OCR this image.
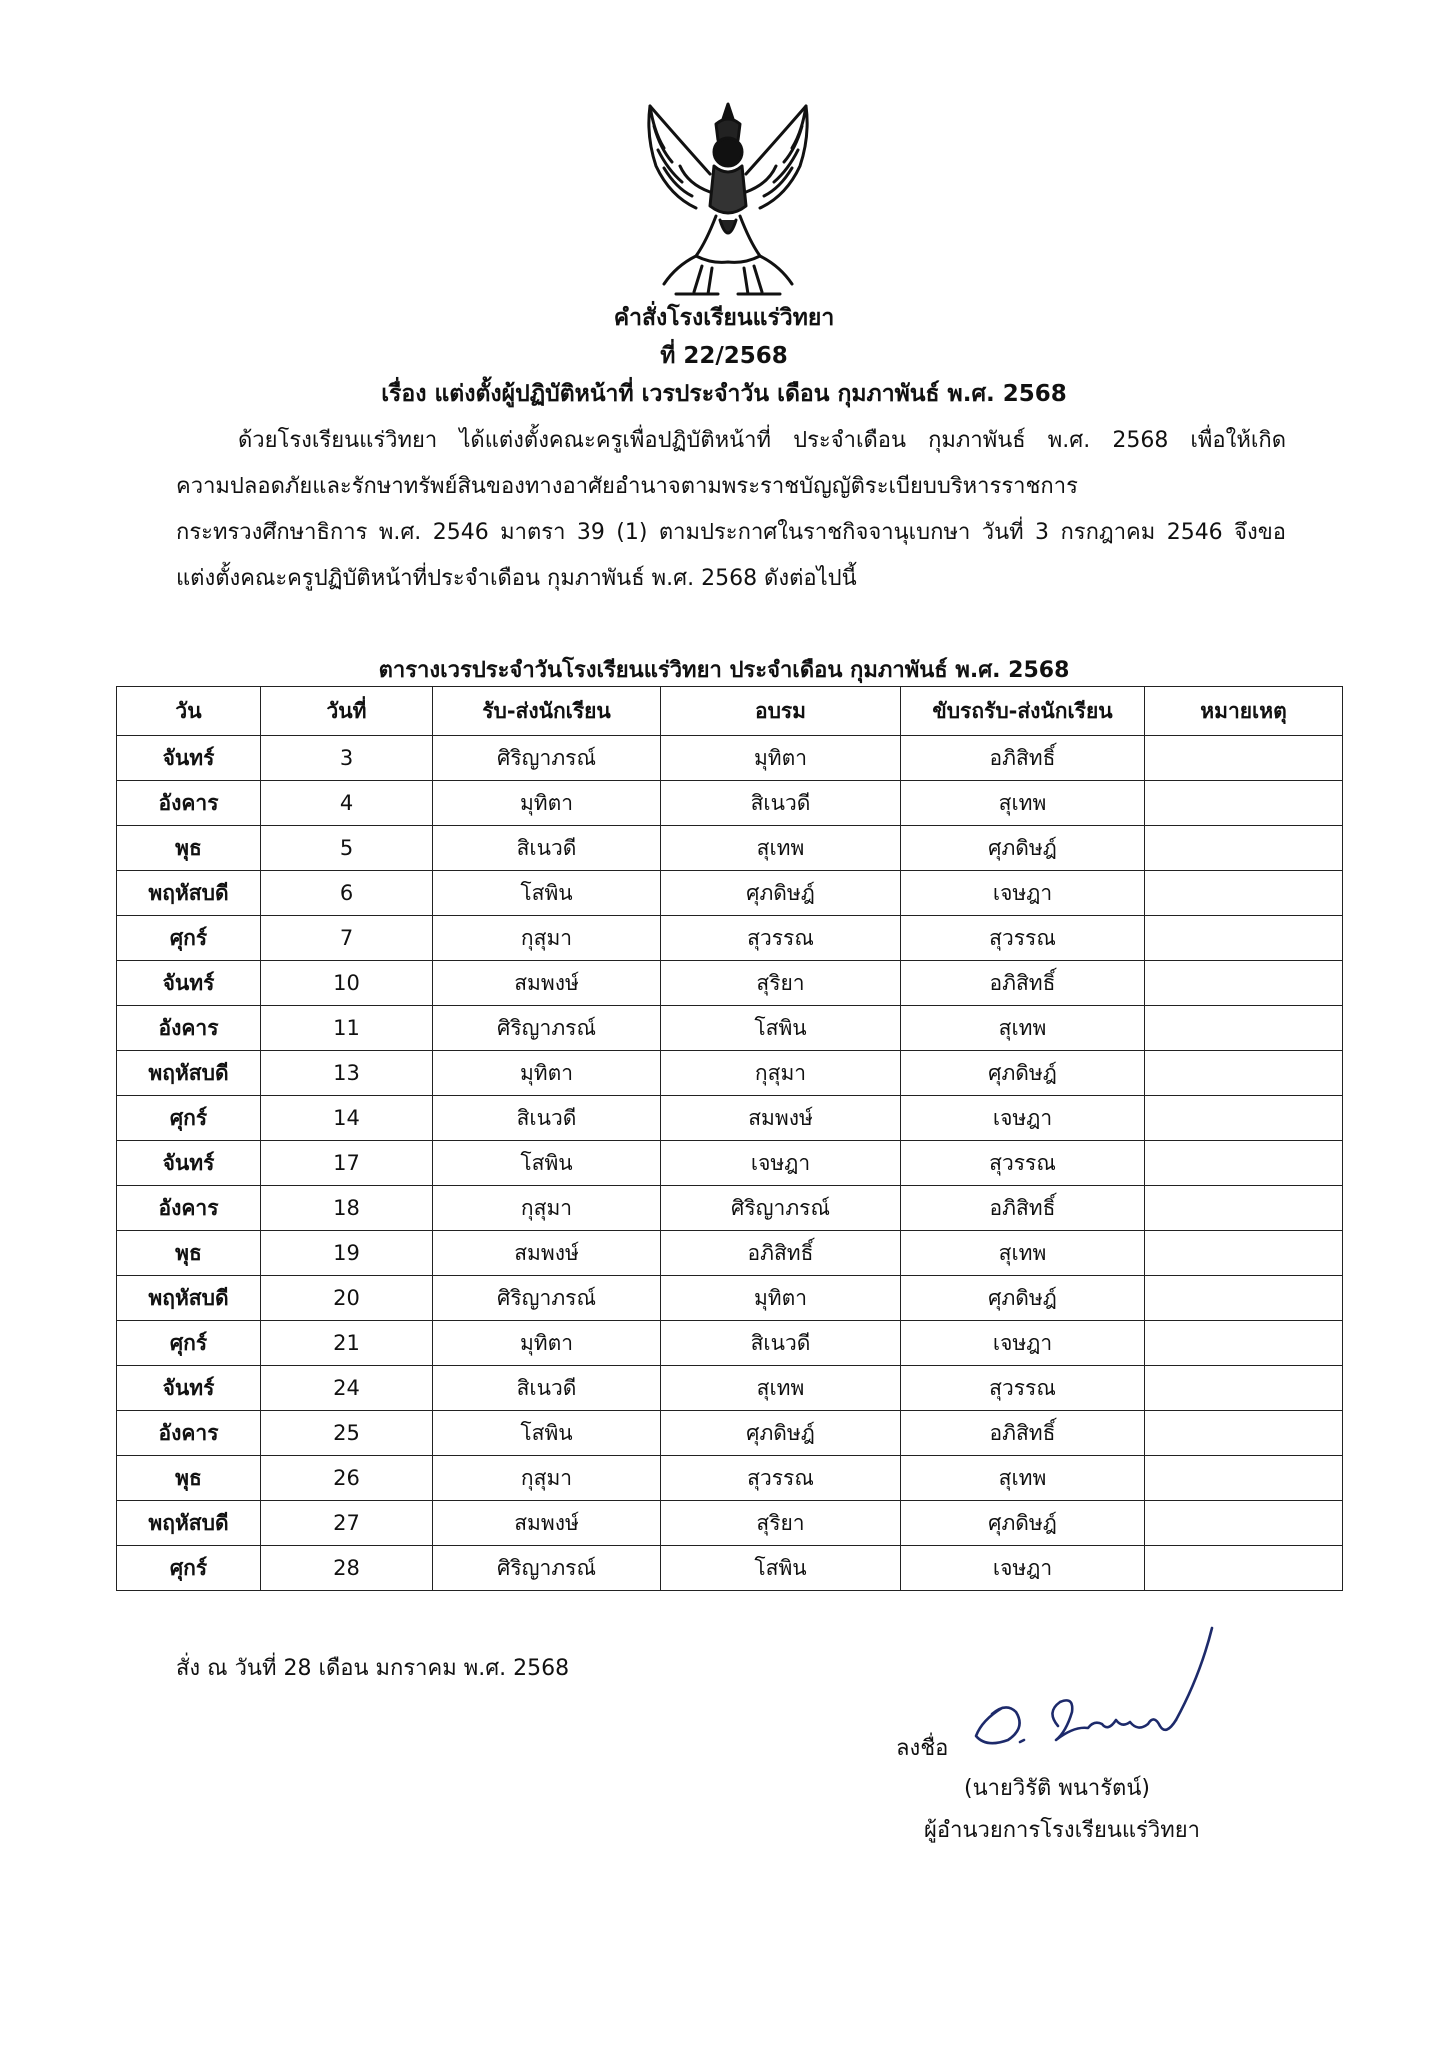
คำสั่งโรงเรียนแร่วิทยา
ที่ 22/2568
เรื่อง แต่งตั้งผู้ปฏิบัติหน้าที่ เวรประจำวัน เดือน กุมภาพันธ์ พ.ศ. 2568
ด้วยโรงเรียนแร่วิทยา ได้แต่งตั้งคณะครูเพื่อปฏิบัติหน้าที่ ประจำเดือน กุมภาพันธ์ พ.ศ. 2568 เพื่อให้เกิด
ความปลอดภัยและรักษาทรัพย์สินของทางอาศัยอำนาจตามพระราชบัญญัติระเบียบบริหารราชการ
กระทรวงศึกษาธิการ พ.ศ. 2546 มาตรา 39 (1) ตามประกาศในราชกิจจานุเบกษา วันที่ 3 กรกฎาคม 2546 จึงขอ
แต่งตั้งคณะครูปฏิบัติหน้าที่ประจำเดือน กุมภาพันธ์ พ.ศ. 2568 ดังต่อไปนี้
ตารางเวรประจำวันโรงเรียนแร่วิทยา ประจำเดือน กุมภาพันธ์ พ.ศ. 2568
วัน	วันที่	รับ-ส่งนักเรียน	อบรม	ขับรถรับ-ส่งนักเรียน	หมายเหตุ
จันทร์	3	ศิริญาภรณ์	มุทิตา	อภิสิทธิ์	
อังคาร	4	มุทิตา	สิเนวดี	สุเทพ	
พุธ	5	สิเนวดี	สุเทพ	ศุภดิษฎ์	
พฤหัสบดี	6	โสพิน	ศุภดิษฎ์	เจษฎา	
ศุกร์	7	กุสุมา	สุวรรณ	สุวรรณ	
จันทร์	10	สมพงษ์	สุริยา	อภิสิทธิ์	
อังคาร	11	ศิริญาภรณ์	โสพิน	สุเทพ	
พฤหัสบดี	13	มุทิตา	กุสุมา	ศุภดิษฎ์	
ศุกร์	14	สิเนวดี	สมพงษ์	เจษฎา	
จันทร์	17	โสพิน	เจษฎา	สุวรรณ	
อังคาร	18	กุสุมา	ศิริญาภรณ์	อภิสิทธิ์	
พุธ	19	สมพงษ์	อภิสิทธิ์	สุเทพ	
พฤหัสบดี	20	ศิริญาภรณ์	มุทิตา	ศุภดิษฎ์	
ศุกร์	21	มุทิตา	สิเนวดี	เจษฎา	
จันทร์	24	สิเนวดี	สุเทพ	สุวรรณ	
อังคาร	25	โสพิน	ศุภดิษฎ์	อภิสิทธิ์	
พุธ	26	กุสุมา	สุวรรณ	สุเทพ	
พฤหัสบดี	27	สมพงษ์	สุริยา	ศุภดิษฎ์	
ศุกร์	28	ศิริญาภรณ์	โสพิน	เจษฎา	
สั่ง ณ วันที่ 28 เดือน มกราคม พ.ศ. 2568
ลงชื่อ
(นายวิรัติ พนารัตน์)
ผู้อำนวยการโรงเรียนแร่วิทยา
